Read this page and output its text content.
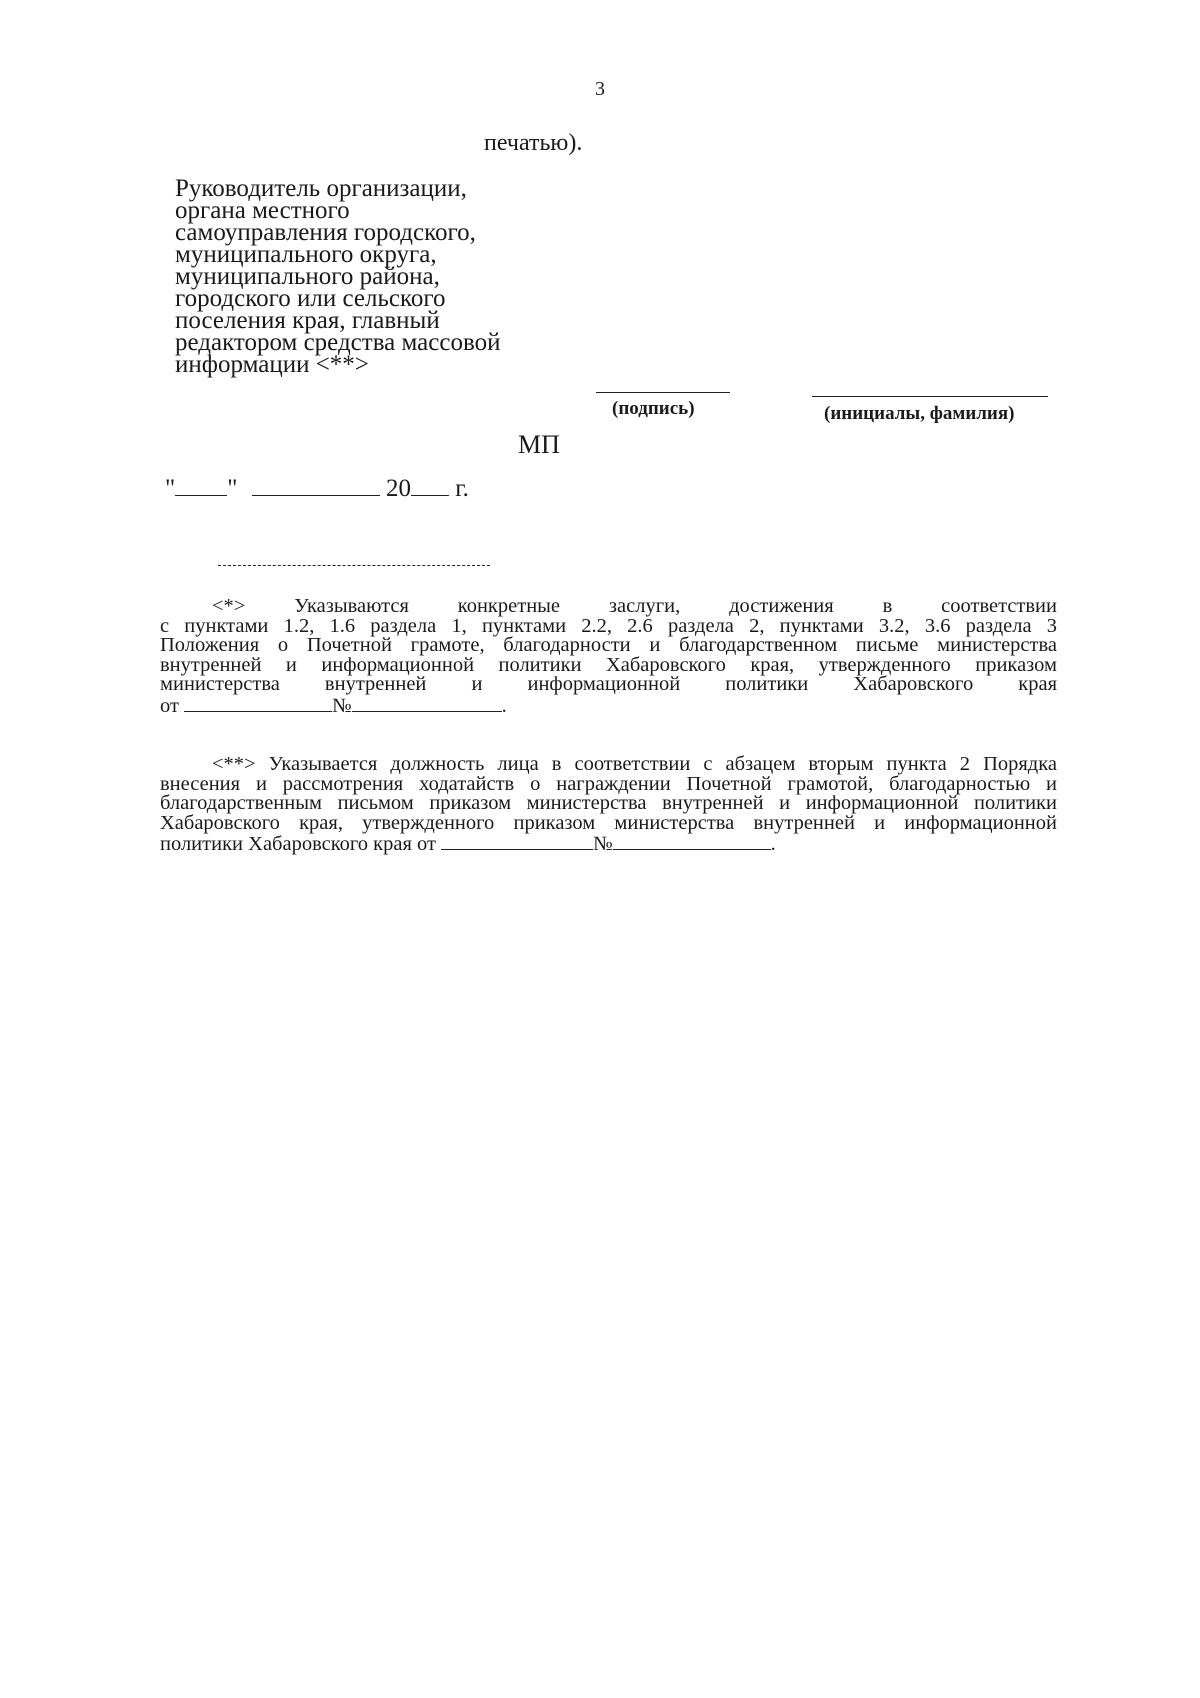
3
печатью).
Руководитель организации,
органа местного
самоуправления городского,
муниципального округа,
муниципального района,
городского или сельского
поселения края, главный
редактором средства массовой
информации <**>
(подпись)	(инициалы, фамилия)
МП
" "	20 г.
<*> Указываются конкретные заслуги, достижения в соответствии
с пунктами 1.2, 1.6 раздела 1, пунктами 2.2, 2.6 раздела 2, пунктами 3.2, 3.6 раздела 3
Положения о Почетной грамоте, благодарности и благодарственном письме министерства
внутренней и информационной политики Хабаровского края, утвержденного приказом
министерства внутренней и информационной политики Хабаровского края
от	№	.
<**> Указывается должность лица в соответствии с абзацем вторым пункта 2 Порядка
внесения и рассмотрения ходатайств о награждении Почетной грамотой, благодарностью и
благодарственным письмом приказом министерства внутренней и информационной политики
Хабаровского края, утвержденного приказом министерства внутренней и информационной
политики Хабаровского края от	№	.
